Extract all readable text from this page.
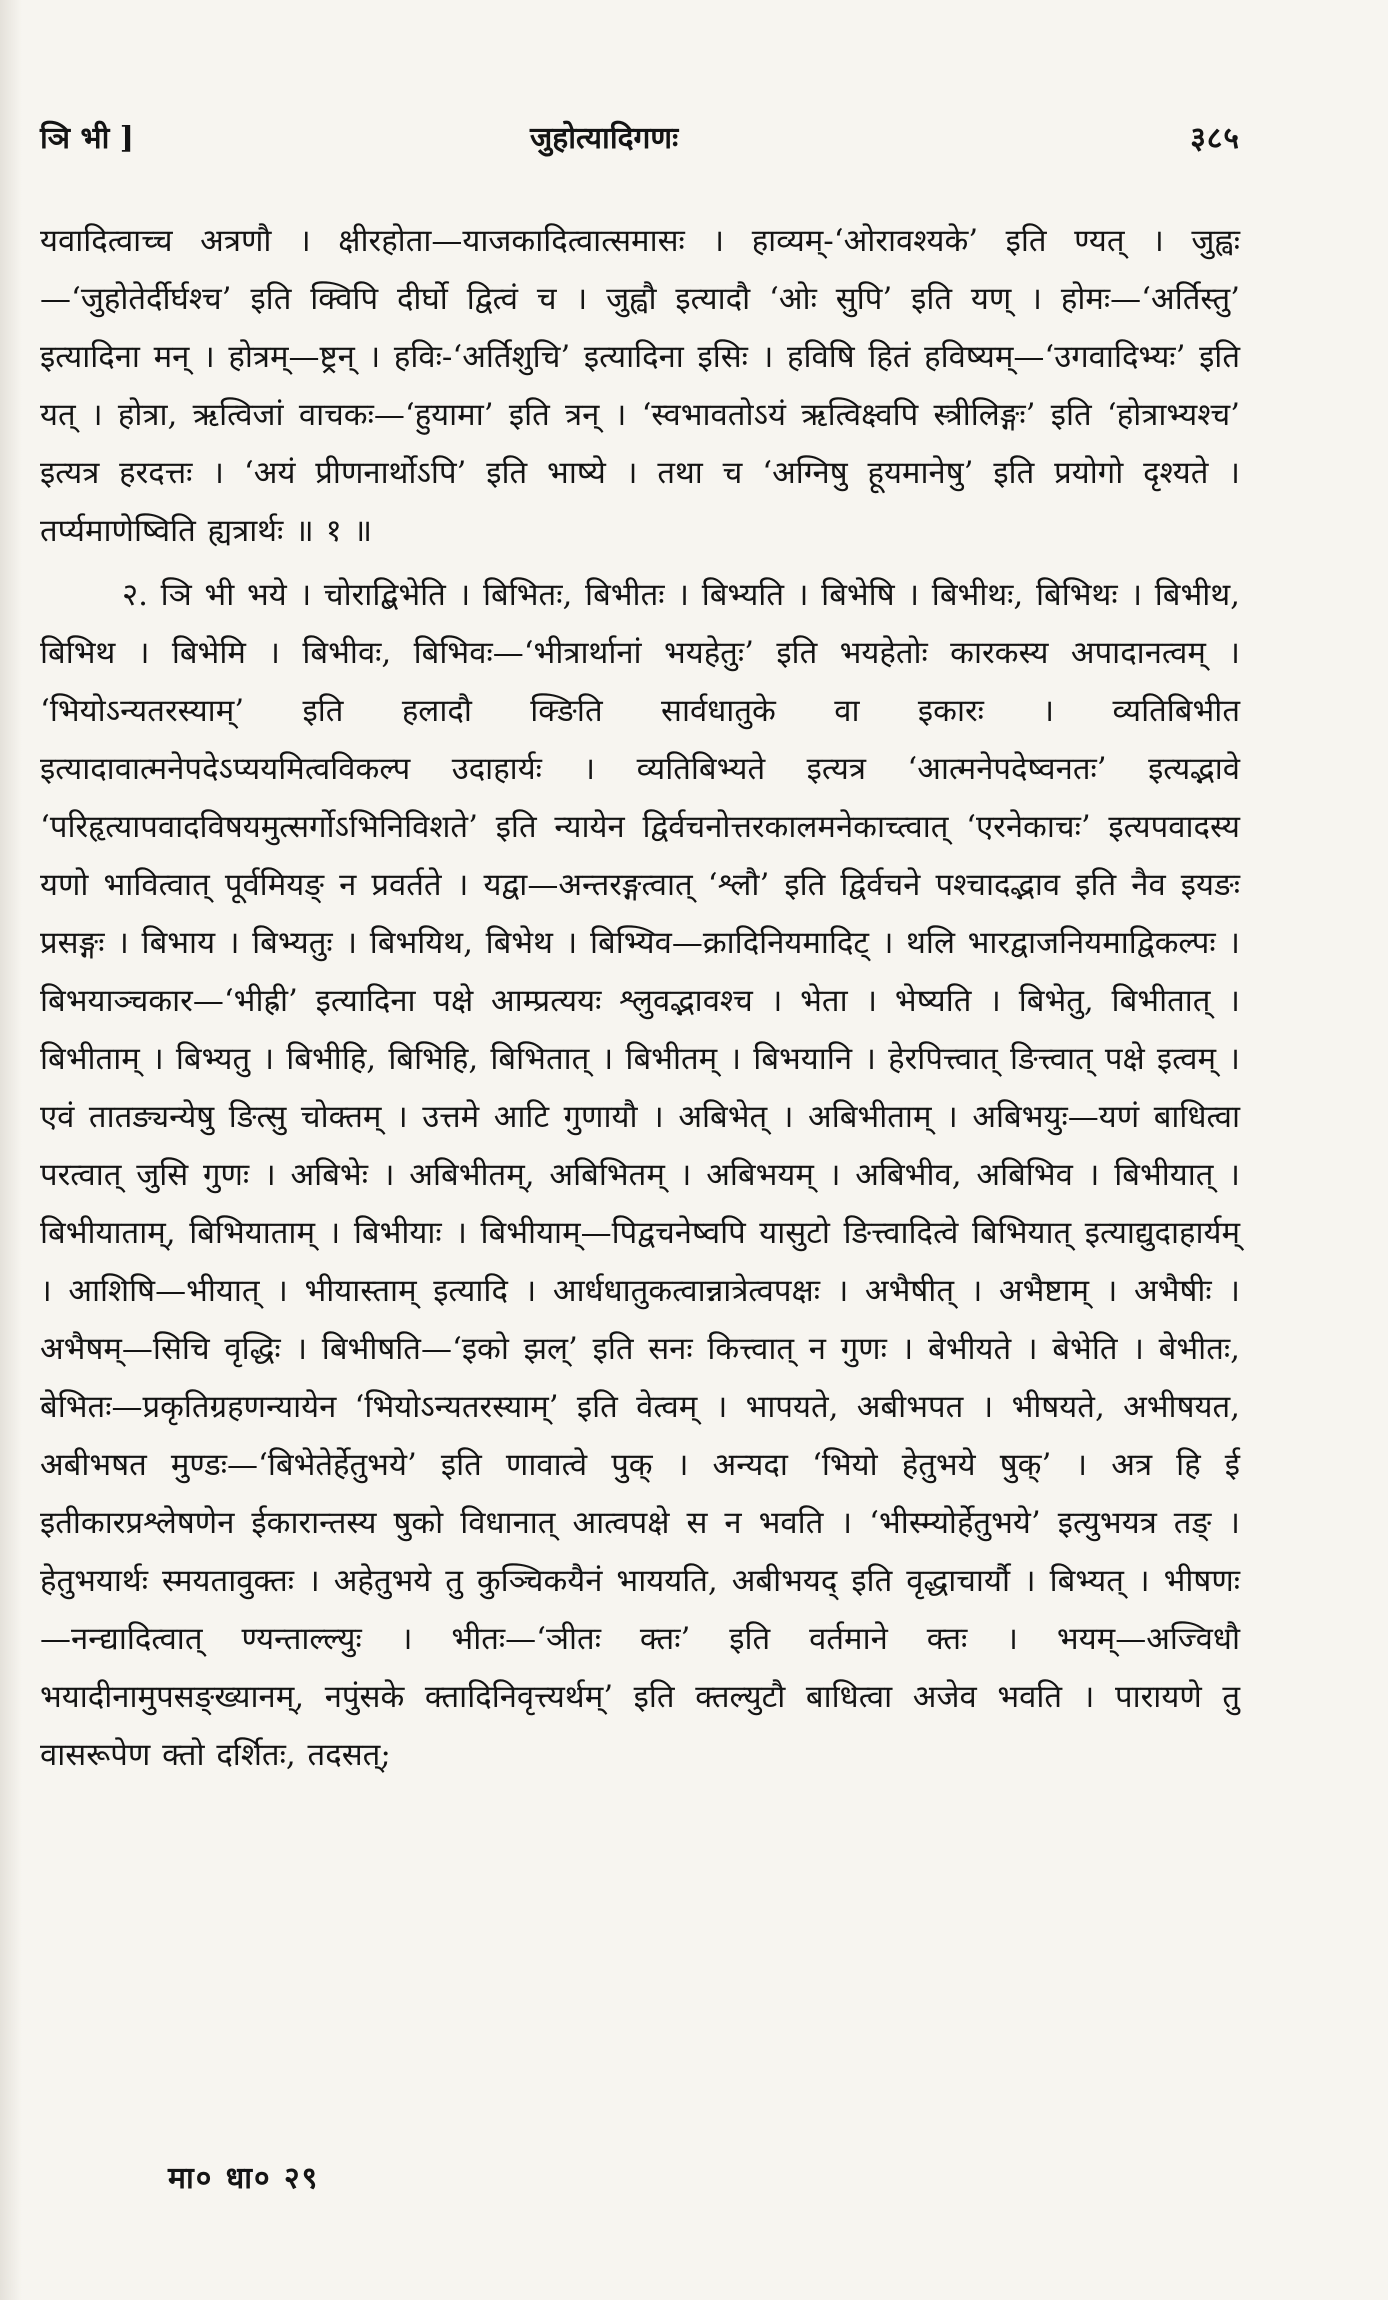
ञि भी ]	जुहोत्यादिगणः	३८५

यवादित्वाच्च अत्रणौ । क्षीरहोता—याजकादित्वात्समासः । हाव्यम्-‘ओरावश्यके’ इति ण्यत् । जुह्वः—‘जुहोतेर्दीर्घश्च’ इति क्विपि दीर्घो द्वित्वं च । जुह्वौ इत्यादौ ‘ओः सुपि’ इति यण् । होमः—‘अर्तिस्तु’ इत्यादिना मन् । होत्रम्—ष्ट्रन् । हविः-‘अर्तिशुचि’ इत्यादिना इसिः । हविषि हितं हविष्यम्—‘उगवादिभ्यः’ इति यत् । होत्रा, ऋत्विजां वाचकः—‘हुयामा’ इति त्रन् । ‘स्वभावतोऽयं ऋत्विक्ष्वपि स्त्रीलिङ्गः’ इति ‘होत्राभ्यश्च’ इत्यत्र हरदत्तः । ‘अयं प्रीणनार्थोऽपि’ इति भाष्ये । तथा च ‘अग्निषु हूयमानेषु’ इति प्रयोगो दृश्यते । तर्प्यमाणेष्विति ह्यत्रार्थः ॥ १ ॥

२. ञि भी भये । चोराद्बिभेति । बिभितः, बिभीतः । बिभ्यति । बिभेषि । बिभीथः, बिभिथः । बिभीथ, बिभिथ । बिभेमि । बिभीवः, बिभिवः—‘भीत्रार्थानां भयहेतुः’ इति भयहेतोः कारकस्य अपादानत्वम् । ‘भियोऽन्यतरस्याम्’ इति हलादौ क्ङिति सार्वधातुके वा इकारः । व्यतिबिभीत इत्यादावात्मनेपदेऽप्ययमित्वविकल्प उदाहार्यः । व्यतिबिभ्यते इत्यत्र ‘आत्मनेपदेष्वनतः’ इत्यद्भावे ‘परिहृत्यापवादविषयमुत्सर्गोऽभिनिविशते’ इति न्यायेन द्विर्वचनोत्तरकालमनेकाच्त्वात् ‘एरनेकाचः’ इत्यपवादस्य यणो भावित्वात् पूर्वमियङ् न प्रवर्तते । यद्वा—अन्तरङ्गत्वात् ‘श्लौ’ इति द्विर्वचने पश्चादद्भाव इति नैव इयङः प्रसङ्गः । बिभाय । बिभ्यतुः । बिभयिथ, बिभेथ । बिभ्यिव—क्रादिनियमादिट् । थलि भारद्वाजनियमाद्विकल्पः । बिभयाञ्चकार—‘भीह्री’ इत्यादिना पक्षे आम्प्रत्ययः श्लुवद्भावश्च । भेता । भेष्यति । बिभेतु, बिभीतात् । बिभीताम् । बिभ्यतु । बिभीहि, बिभिहि, बिभितात् । बिभीतम् । बिभयानि । हेरपित्त्वात् ङित्त्वात् पक्षे इत्वम् । एवं तातङ्यन्येषु ङित्सु चोक्तम् । उत्तमे आटि गुणायौ । अबिभेत् । अबिभीताम् । अबिभयुः—यणं बाधित्वा परत्वात् जुसि गुणः । अबिभेः । अबिभीतम्, अबिभितम् । अबिभयम् । अबिभीव, अबिभिव । बिभीयात् । बिभीयाताम्, बिभियाताम् । बिभीयाः । बिभीयाम्—पिद्वचनेष्वपि यासुटो ङित्त्वादित्वे बिभियात् इत्याद्युदाहार्यम् । आशिषि—भीयात् । भीयास्ताम् इत्यादि । आर्धधातुकत्वान्नात्रेत्वपक्षः । अभैषीत् । अभैष्टाम् । अभैषीः । अभैषम्—सिचि वृद्धिः । बिभीषति—‘इको झल्’ इति सनः कित्त्वात् न गुणः । बेभीयते । बेभेति । बेभीतः, बेभितः—प्रकृतिग्रहणन्यायेन ‘भियोऽन्यतरस्याम्’ इति वेत्वम् । भापयते, अबीभपत । भीषयते, अभीषयत, अबीभषत मुण्डः—‘बिभेतेर्हेतुभये’ इति णावात्वे पुक् । अन्यदा ‘भियो हेतुभये षुक्’ । अत्र हि ई इतीकारप्रश्लेषणेन ईकारान्तस्य षुको विधानात् आत्वपक्षे स न भवति । ‘भीस्म्योर्हेतुभये’ इत्युभयत्र तङ् । हेतुभयार्थः स्मयतावुक्तः । अहेतुभये तु कुञ्चिकयैनं भाययति, अबीभयद् इति वृद्धाचार्यौ । बिभ्यत् । भीषणः—नन्द्यादित्वात् ण्यन्ताल्ल्युः । भीतः—‘ञीतः क्तः’ इति वर्तमाने क्तः । भयम्—अज्विधौ भयादीनामुपसङ्ख्यानम्, नपुंसके क्तादिनिवृत्त्यर्थम्’ इति क्तल्युटौ बाधित्वा अजेव भवति । पारायणे तु वासरूपेण क्तो दर्शितः, तदसत्;

मा० धा० २९
